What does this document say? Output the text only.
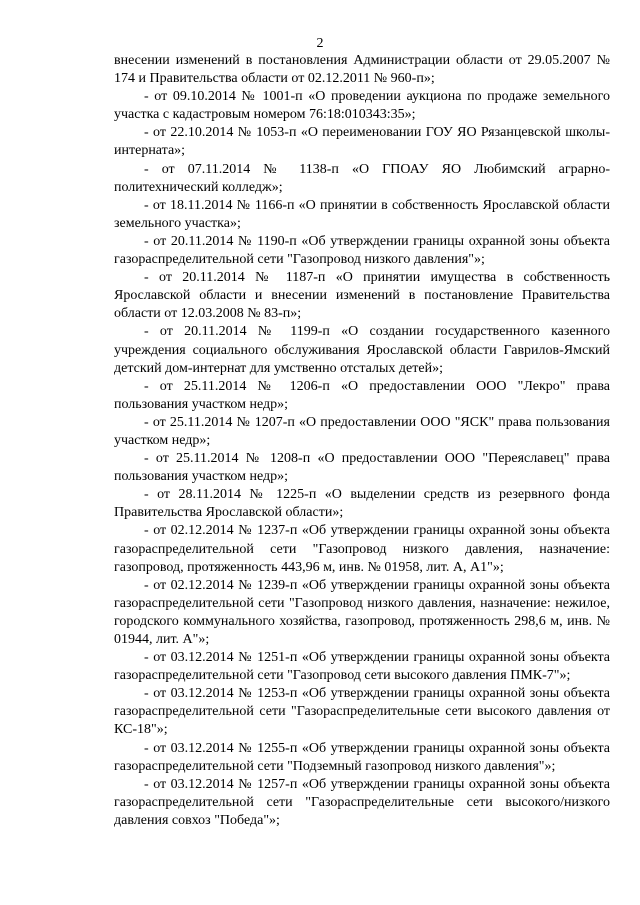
2

внесении изменений в постановления Администрации области от 29.05.2007 № 174 и Правительства области от 02.12.2011 № 960-п»;

- от 09.10.2014 № 1001-п «О проведении аукциона по продаже земельного участка с кадастровым номером 76:18:010343:35»;

- от 22.10.2014 № 1053-п «О переименовании ГОУ ЯО Рязанцевской школы-интерната»;

- от 07.11.2014 № 1138-п «О ГПОАУ ЯО Любимский аграрно-политехнический колледж»;

- от 18.11.2014 № 1166-п «О принятии в собственность Ярославской области земельного участка»;

- от 20.11.2014 № 1190-п «Об утверждении границы охранной зоны объекта газораспределительной сети "Газопровод низкого давления"»;

- от 20.11.2014 № 1187-п «О принятии имущества в собственность Ярославской области и внесении изменений в постановление Правительства области от 12.03.2008 № 83-п»;

- от 20.11.2014 № 1199-п «О создании государственного казенного учреждения социального обслуживания Ярославской области Гаврилов-Ямский детский дом-интернат для умственно отсталых детей»;

- от 25.11.2014 № 1206-п «О предоставлении ООО "Лекро" права пользования участком недр»;

- от 25.11.2014 № 1207-п «О предоставлении ООО "ЯСК" права пользования участком недр»;

- от 25.11.2014 № 1208-п «О предоставлении ООО "Переяславец" права пользования участком недр»;

- от 28.11.2014 № 1225-п «О выделении средств из резервного фонда Правительства Ярославской области»;

- от 02.12.2014 № 1237-п «Об утверждении границы охранной зоны объекта газораспределительной сети "Газопровод низкого давления, назначение: газопровод, протяженность 443,96 м, инв. № 01958, лит. А, А1"»;

- от 02.12.2014 № 1239-п «Об утверждении границы охранной зоны объекта газораспределительной сети "Газопровод низкого давления, назначение: нежилое, городского коммунального хозяйства, газопровод, протяженность 298,6 м, инв. № 01944, лит. А"»;

- от 03.12.2014 № 1251-п «Об утверждении границы охранной зоны объекта газораспределительной сети "Газопровод сети высокого давления ПМК-7"»;

- от 03.12.2014 № 1253-п «Об утверждении границы охранной зоны объекта газораспределительной сети "Газораспределительные сети высокого давления от КС-18"»;

- от 03.12.2014 № 1255-п «Об утверждении границы охранной зоны объекта газораспределительной сети "Подземный газопровод низкого давления"»;

- от 03.12.2014 № 1257-п «Об утверждении границы охранной зоны объекта газораспределительной сети "Газораспределительные сети высокого/низкого давления совхоз "Победа"»;
